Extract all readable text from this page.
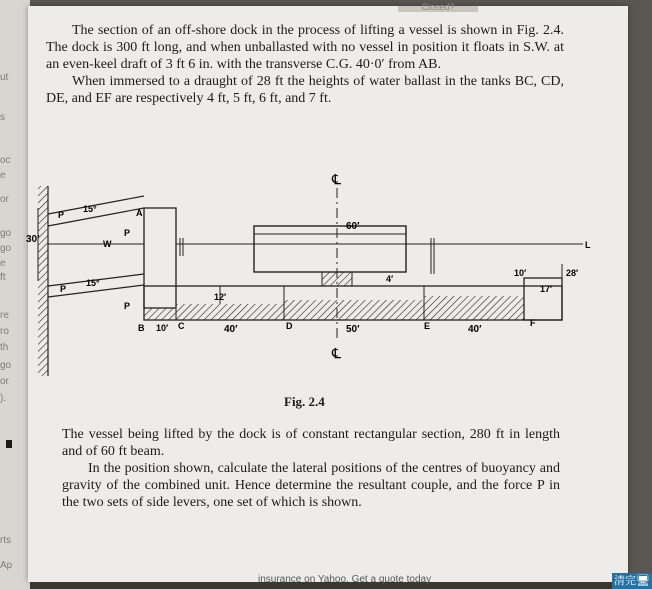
ut
s
oc
e
or
go
go
e
ft
re
ro
th
go
or
).
rts
Ap
Closed?

The section of an off-shore dock in the process of lifting a vessel is shown in Fig. 2.4. The dock is 300 ft long, and when unballasted with no vessel in position it floats in S.W. at an even-keel draft of 3 ft 6 in. with the transverse C.G. 40·0′ from AB.

When immersed to a draught of 28 ft the heights of water ballast in the tanks BC, CD, DE, and EF are respectively 4 ft, 5 ft, 6 ft, and 7 ft.

30′
P
P
P
P
15°
15°
A
W	L
60′
4′
℄
℄
12′
B 10′ C	40′	D	50′	E	40′
F
10′	28′
17′
Fig. 2.4

The vessel being lifted by the dock is of constant rectangular section, 280 ft in length and of 60 ft beam.

In the position shown, calculate the lateral positions of the centres of buoyancy and gravity of the combined unit. Hence determine the resultant couple, and the force P in the two sets of side levers, one set of which is shown.

insurance on Yahoo. Get a quote today	清完🖥
